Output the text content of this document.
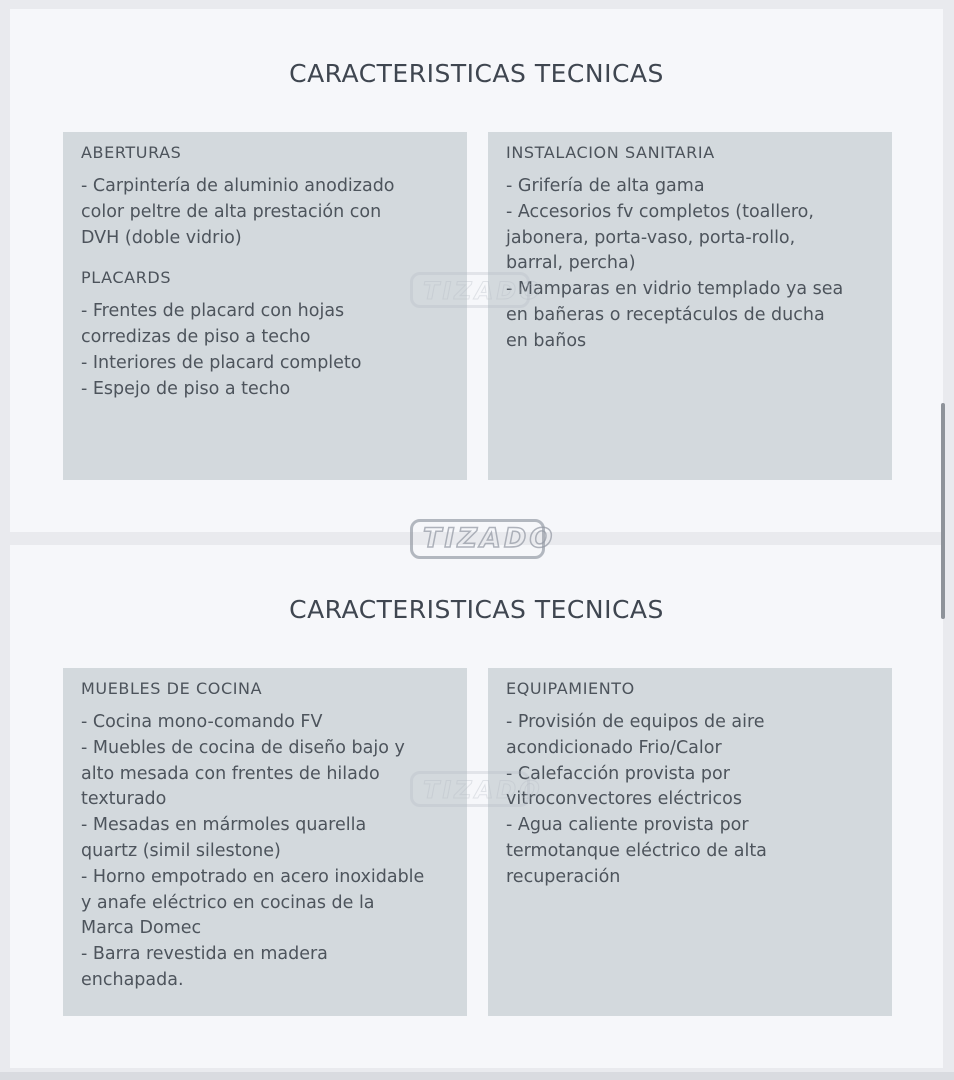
CARACTERISTICAS TECNICAS
ABERTURAS

- Carpintería de aluminio anodizado

color peltre de alta prestación con

DVH (doble vidrio)

PLACARDS

- Frentes de placard con hojas

corredizas de piso a techo

- Interiores de placard completo

- Espejo de piso a techo

INSTALACION SANITARIA

- Grifería de alta gama

- Accesorios fv completos (toallero,

jabonera, porta-vaso, porta-rollo,

barral, percha)

- Mamparas en vidrio templado ya sea

en bañeras o receptáculos de ducha

en baños

CARACTERISTICAS TECNICAS
MUEBLES DE COCINA

- Cocina mono-comando FV

- Muebles de cocina de diseño bajo y

alto mesada con frentes de hilado

texturado

- Mesadas en mármoles quarella

quartz (simil silestone)

- Horno empotrado en acero inoxidable

y anafe eléctrico en cocinas de la

Marca Domec

- Barra revestida en madera

enchapada.

EQUIPAMIENTO

- Provisión de equipos de aire

acondicionado Frio/Calor

- Calefacción provista por

vitroconvectores eléctricos

- Agua caliente provista por

termotanque eléctrico de alta

recuperación

TIZADO
TIZADO
TIZADO
